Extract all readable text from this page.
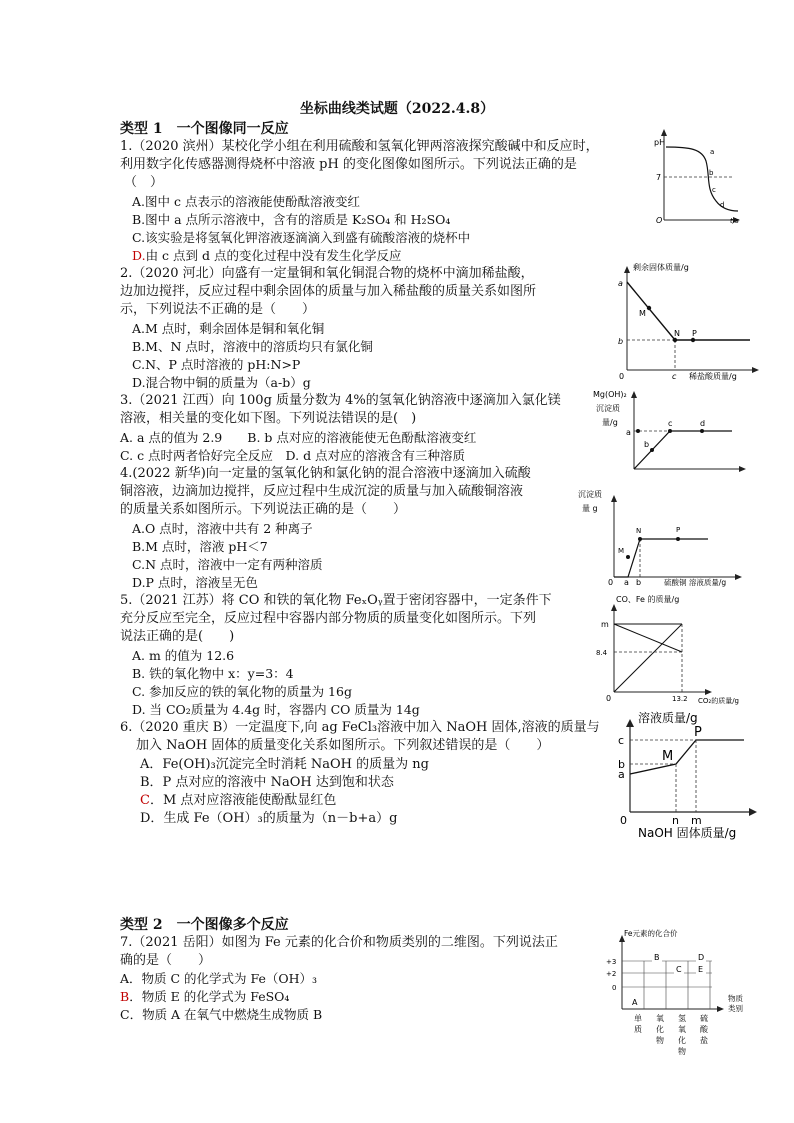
坐标曲线类试题（2022.4.8）
类型 1　一个图像同一反应
1.（2020 滨州）某校化学小组在利用硫酸和氢氧化钾两溶液探究酸碱中和反应时，
利用数字化传感器测得烧杯中溶液 pH 的变化图像如图所示。下列说法正确的是
（　）
A.图中 c 点表示的溶液能使酚酞溶液变红
B.图中 a 点所示溶液中，含有的溶质是 K₂SO₄ 和 H₂SO₄
C.该实验是将氢氧化钾溶液逐滴滴入到盛有硫酸溶液的烧杯中
D.由 c 点到 d 点的变化过程中没有发生化学反应
pH
7
O	t/s
a
b
c
d
2.（2020 河北）向盛有一定量铜和氧化铜混合物的烧杯中滴加稀盐酸，
边加边搅拌，反应过程中剩余固体的质量与加入稀盐酸的质量关系如图所
示，下列说法不正确的是（　　）
A.M 点时，剩余固体是铜和氧化铜
B.M、N 点时，溶液中的溶质均只有氯化铜
C.N、P 点时溶液的 pH:N>P
D.混合物中铜的质量为（a-b）g
剩余固体质量/g
a
b
0	c
M
N P
稀盐酸质量/g
3.（2021 江西）向 100g 质量分数为 4%的氢氧化钠溶液中逐滴加入氯化镁
溶液，相关量的变化如下图。下列说法错误的是(　)
A. a 点的值为 2.9　　B. b 点对应的溶液能使无色酚酞溶液变红
C. c 点时两者恰好完全反应　D. d 点对应的溶液含有三种溶质
Mg(OH)₂
沉淀质
量/g
a
b
c	d
4.(2022 新华)向一定量的氢氧化钠和氯化钠的混合溶液中逐滴加入硫酸
铜溶液，边滴加边搅拌，反应过程中生成沉淀的质量与加入硫酸铜溶液
的质量关系如图所示。下列说法正确的是（　　）
A.O 点时，溶液中共有 2 种离子
B.M 点时，溶液 pH＜7
C.N 点时，溶液中一定有两种溶质
D.P 点时，溶液呈无色
沉淀质
量 g
0 a b
M
N	P
硫酸铜 溶液质量/g
5.（2021 江苏）将 CO 和铁的氧化物 FeₓOᵧ置于密闭容器中，一定条件下
充分反应至完全，反应过程中容器内部分物质的质量变化如图所示。下列
说法正确的是(　　)
A. m 的值为 12.6
B. 铁的氧化物中 x：y=3：4
C. 参加反应的铁的氧化物的质量为 16g
D. 当 CO₂质量为 4.4g 时，容器内 CO 质量为 14g
CO、Fe 的质量/g
m
8.4
0	13.2 CO₂的质量/g
6.（2020 重庆 B）一定温度下,向 ag FeCl₃溶液中加入 NaOH 固体,溶液的质量与
加入 NaOH 固体的质量变化关系如图所示。下列叙述错误的是（　　）
A．Fe(OH)₃沉淀完全时消耗 NaOH 的质量为 ng
B．P 点对应的溶液中 NaOH 达到饱和状态
C．M 点对应溶液能使酚酞显红色
D．生成 Fe（OH）₃的质量为（n－b+a）g
溶液质量/g
c
b
a
0
M
P
n m
NaOH 固体质量/g
类型 2　一个图像多个反应
7.（2021 岳阳）如图为 Fe 元素的化合价和物质类别的二维图。下列说法正
确的是（　　）
A．物质 C 的化学式为 Fe（OH）₃
B．物质 E 的化学式为 FeSO₄
C．物质 A 在氧气中燃烧生成物质 B
Fe元素的化合价
+3
+2
0
A
B
C
D
E
物质
类别
单
质
氧
化
物
氢
氧
化
物
硫
酸
盐
